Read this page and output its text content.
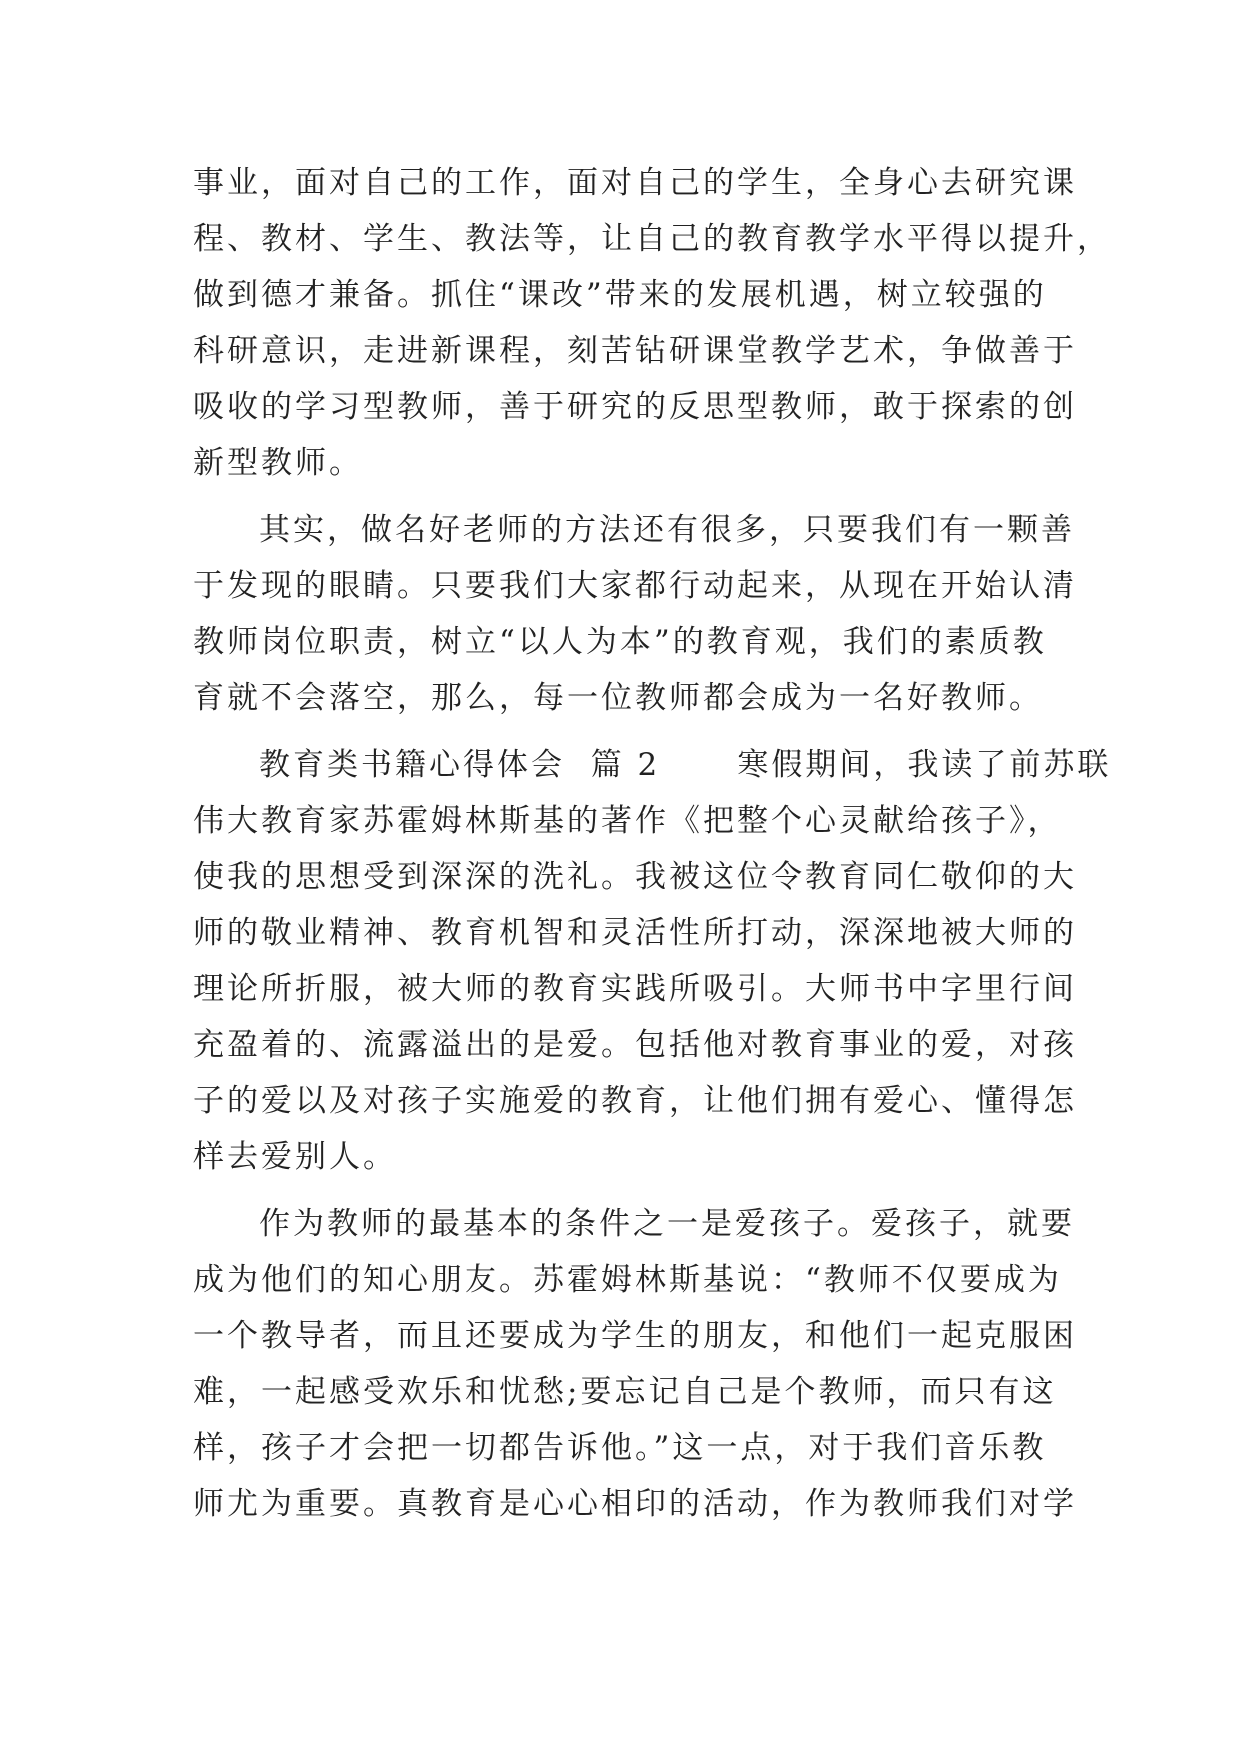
事业，面对自己的工作，面对自己的学生，全身心去研究课
程、教材、学生、教法等，让自己的教育教学水平得以提升，
做到德才兼备。抓住“课改”带来的发展机遇，树立较强的
科研意识，走进新课程，刻苦钻研课堂教学艺术，争做善于
吸收的学习型教师，善于研究的反思型教师，敢于探索的创
新型教师。
其实，做名好老师的方法还有很多，只要我们有一颗善
于发现的眼睛。只要我们大家都行动起来，从现在开始认清
教师岗位职责，树立“以人为本”的教育观，我们的素质教
育就不会落空，那么，每一位教师都会成为一名好教师。
教育类书籍心得体会  篇 2      寒假期间，我读了前苏联
伟大教育家苏霍姆林斯基的著作《把整个心灵献给孩子》，
使我的思想受到深深的洗礼。我被这位令教育同仁敬仰的大
师的敬业精神、教育机智和灵活性所打动，深深地被大师的
理论所折服，被大师的教育实践所吸引。大师书中字里行间
充盈着的、流露溢出的是爱。包括他对教育事业的爱，对孩
子的爱以及对孩子实施爱的教育，让他们拥有爱心、懂得怎
样去爱别人。
作为教师的最基本的条件之一是爱孩子。爱孩子，就要
成为他们的知心朋友。苏霍姆林斯基说：“教师不仅要成为
一个教导者，而且还要成为学生的朋友，和他们一起克服困
难，一起感受欢乐和忧愁;要忘记自己是个教师，而只有这
样，孩子才会把一切都告诉他。”这一点，对于我们音乐教
师尤为重要。真教育是心心相印的活动，作为教师我们对学
